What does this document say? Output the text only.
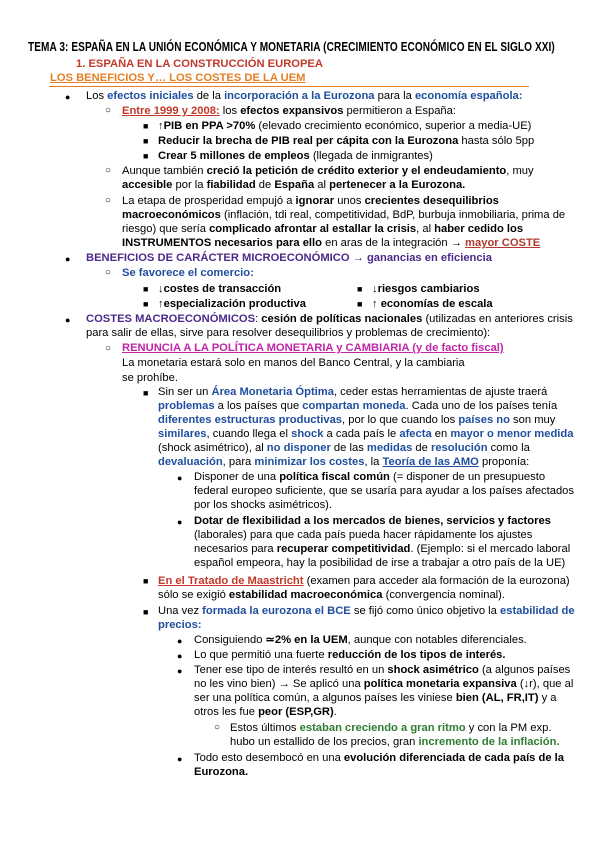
TEMA 3: ESPAÑA EN LA UNIÓN ECONÓMICA Y MONETARIA (CRECIMIENTO ECONÓMICO EN EL SIGLO XXI)
1. ESPAÑA EN LA CONSTRUCCIÓN EUROPEA
LOS BENEFICIOS Y… LOS COSTES DE LA UEM
● Los efectos iniciales de la incorporación a la Eurozona para la economía española:
○ Entre 1999 y 2008: los efectos expansivos permitieron a España:
■ ↑PIB en PPA >70% (elevado crecimiento económico, superior a media-UE)
■ Reducir la brecha de PIB real per cápita con la Eurozona hasta sólo 5pp
■ Crear 5 millones de empleos (llegada de inmigrantes)
○ Aunque también creció la petición de crédito exterior y el endeudamiento, muy
accesible por la fiabilidad de España al pertenecer a la Eurozona.
○ La etapa de prosperidad empujó a ignorar unos crecientes desequilibrios
macroeconómicos (inflación, tdi real, competitividad, BdP, burbuja inmobiliaria, prima de
riesgo) que sería complicado afrontar al estallar la crisis, al haber cedido los
INSTRUMENTOS necesarios para ello en aras de la integración → mayor COSTE
● BENEFICIOS DE CARÁCTER MICROECONÓMICO → ganancias en eficiencia
○ Se favorece el comercio:
■ ↓costes de transacción	■ ↓riesgos cambiarios
■ ↑especialización productiva	■ ↑ economías de escala
● COSTES MACROECONÓMICOS: cesión de políticas nacionales (utilizadas en anteriores crisis
para salir de ellas, sirve para resolver desequilibrios y problemas de crecimiento):
○ RENUNCIA A LA POLÍTICA MONETARIA y CAMBIARIA (y de facto fiscal)
La monetaria estará solo en manos del Banco Central, y la cambiaria
se prohíbe.
■ Sin ser un Área Monetaria Óptima, ceder estas herramientas de ajuste traerá
problemas a los países que compartan moneda. Cada uno de los países tenía
diferentes estructuras productivas, por lo que cuando los países no son muy
similares, cuando llega el shock a cada país le afecta en mayor o menor medida
(shock asimétrico), al no disponer de las medidas de resolución como la
devaluación, para minimizar los costes, la Teoría de las AMO proponía:
● Disponer de una política fiscal común (= disponer de un presupuesto
federal europeo suficiente, que se usaría para ayudar a los países afectados
por los shocks asimétricos).
● Dotar de flexibilidad a los mercados de bienes, servicios y factores
(laborales) para que cada país pueda hacer rápidamente los ajustes
necesarios para recuperar competitividad. (Ejemplo: si el mercado laboral
español empeora, hay la posibilidad de irse a trabajar a otro país de la UE)
■ En el Tratado de Maastricht (examen para acceder ala formación de la eurozona)
sólo se exigió estabilidad macroeconómica (convergencia nominal).
■ Una vez formada la eurozona el BCE se fijó como único objetivo la estabilidad de
precios:
● Consiguiendo ≃2% en la UEM, aunque con notables diferenciales.
● Lo que permitió una fuerte reducción de los tipos de interés.
● Tener ese tipo de interés resultó en un shock asimétrico (a algunos países
no les vino bien) → Se aplicó una política monetaria expansiva (↓r), que al
ser una política común, a algunos países les viniese bien (AL, FR,IT) y a
otros les fue peor (ESP,GR).
○ Estos últimos estaban creciendo a gran ritmo y con la PM exp.
hubo un estallido de los precios, gran incremento de la inflación.
● Todo esto desembocó en una evolución diferenciada de cada país de la
Eurozona.
